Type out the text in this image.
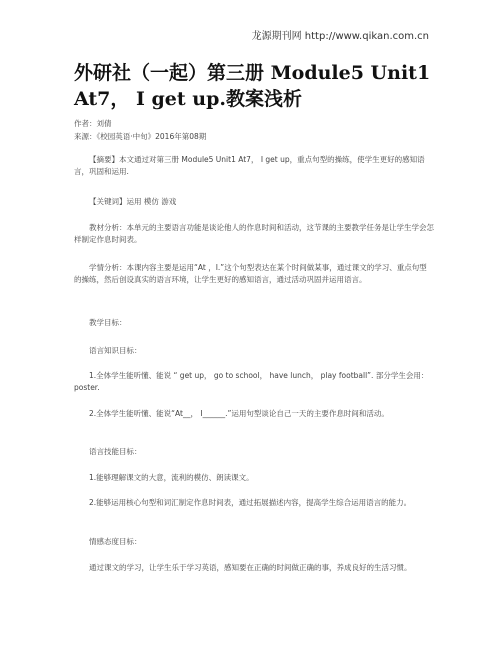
龙源期刊网 http://www.qikan.com.cn
外研社（一起）第三册 Module5 Unit1
At7， I get up.教案浅析
作者：刘倩
来源：《校园英语·中旬》2016年第08期

【摘要】本文通过对第三册 Module5 Unit1 At7， I get up，重点句型的操练，使学生更好的感知语言，巩固和运用.

【关键词】运用 模仿 游戏

教材分析：本单元的主要语言功能是谈论他人的作息时间和活动，这节课的主要教学任务是让学生学会怎样制定作息时间表。

学情分析：本课内容主要是运用“At ，I.”这个句型表达在某个时间做某事，通过课文的学习、重点句型的操练，然后创设真实的语言环境，让学生更好的感知语言，通过活动巩固并运用语言。

教学目标：

语言知识目标：

1.全体学生能听懂、能说 “ get up， go to school， have lunch， play football”. 部分学生会用： poster.

2.全体学生能听懂、能说“At__， I______.”运用句型谈论自己一天的主要作息时间和活动。

语言技能目标：

1.能够理解课文的大意，流利的模仿、朗读课文。

2.能够运用核心句型和词汇制定作息时间表，通过拓展描述内容，提高学生综合运用语言的能力。

情感态度目标：

通过课文的学习，让学生乐于学习英语，感知要在正确的时间做正确的事，养成良好的生活习惯。
